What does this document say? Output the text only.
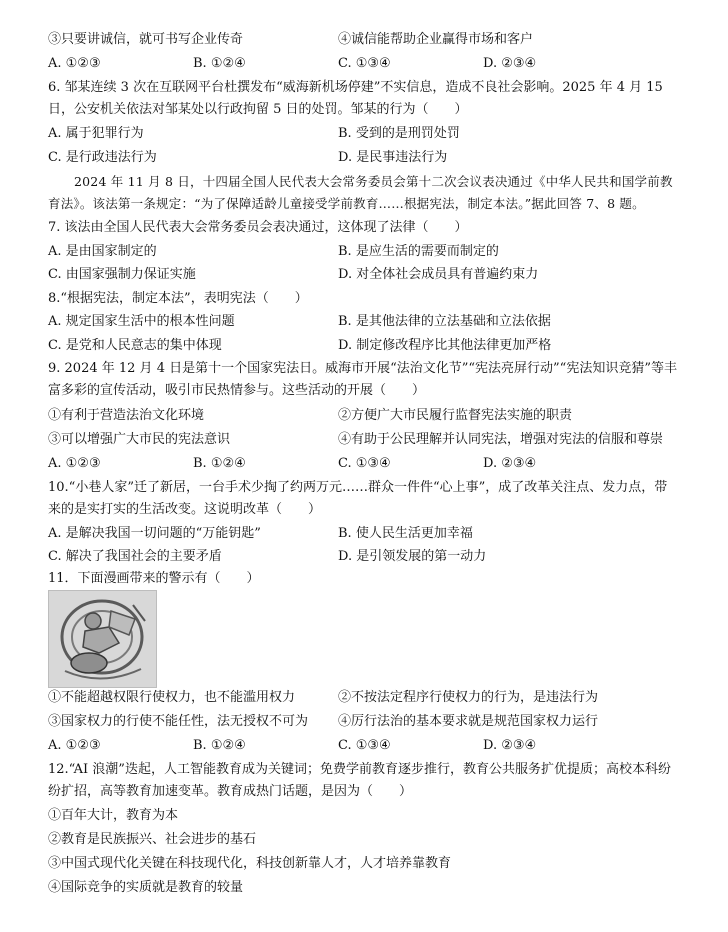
③只要讲诚信，就可书写企业传奇	④诚信能帮助企业赢得市场和客户
A. ①②③	B. ①②④	C. ①③④	D. ②③④
6. 邹某连续 3 次在互联网平台杜撰发布“威海新机场停建”不实信息，造成不良社会影响。2025 年 4 月 15 日，公安机关依法对邹某处以行政拘留 5 日的处罚。邹某的行为（　　）
A. 属于犯罪行为	B. 受到的是刑罚处罚
C. 是行政违法行为	D. 是民事违法行为
2024 年 11 月 8 日，十四届全国人民代表大会常务委员会第十二次会议表决通过《中华人民共和国学前教育法》。该法第一条规定：“为了保障适龄儿童接受学前教育……根据宪法，制定本法。”据此回答 7、8 题。
7. 该法由全国人民代表大会常务委员会表决通过，这体现了法律（　　）
A. 是由国家制定的	B. 是应生活的需要而制定的
C. 由国家强制力保证实施	D. 对全体社会成员具有普遍约束力
8.“根据宪法，制定本法”，表明宪法（　　）
A. 规定国家生活中的根本性问题	B. 是其他法律的立法基础和立法依据
C. 是党和人民意志的集中体现	D. 制定修改程序比其他法律更加严格
9. 2024 年 12 月 4 日是第十一个国家宪法日。威海市开展“法治文化节”“宪法亮屏行动”“宪法知识竞猜”等丰富多彩的宣传活动，吸引市民热情参与。这些活动的开展（　　）
①有利于营造法治文化环境	②方便广大市民履行监督宪法实施的职责
③可以增强广大市民的宪法意识	④有助于公民理解并认同宪法，增强对宪法的信服和尊崇
A. ①②③	B. ①②④	C. ①③④	D. ②③④
10.“小巷人家”迁了新居，一台手术少掏了约两万元……群众一件件“心上事”，成了改革关注点、发力点，带来的是实打实的生活改变。这说明改革（　　）
A. 是解决我国一切问题的“万能钥匙”	B. 使人民生活更加幸福
C. 解决了我国社会的主要矛盾	D. 是引领发展的第一动力
11．下面漫画带来的警示有（　　）
①不能超越权限行使权力，也不能滥用权力	②不按法定程序行使权力的行为，是违法行为
③国家权力的行使不能任性，法无授权不可为 ④厉行法治的基本要求就是规范国家权力运行
A. ①②③	B. ①②④	C. ①③④	D. ②③④
12.“AI 浪潮”迭起，人工智能教育成为关键词；免费学前教育逐步推行，教育公共服务扩优提质；高校本科纷纷扩招，高等教育加速变革。教育成热门话题，是因为（　　）
①百年大计，教育为本
②教育是民族振兴、社会进步的基石
③中国式现代化关键在科技现代化，科技创新靠人才，人才培养靠教育
④国际竞争的实质就是教育的较量
